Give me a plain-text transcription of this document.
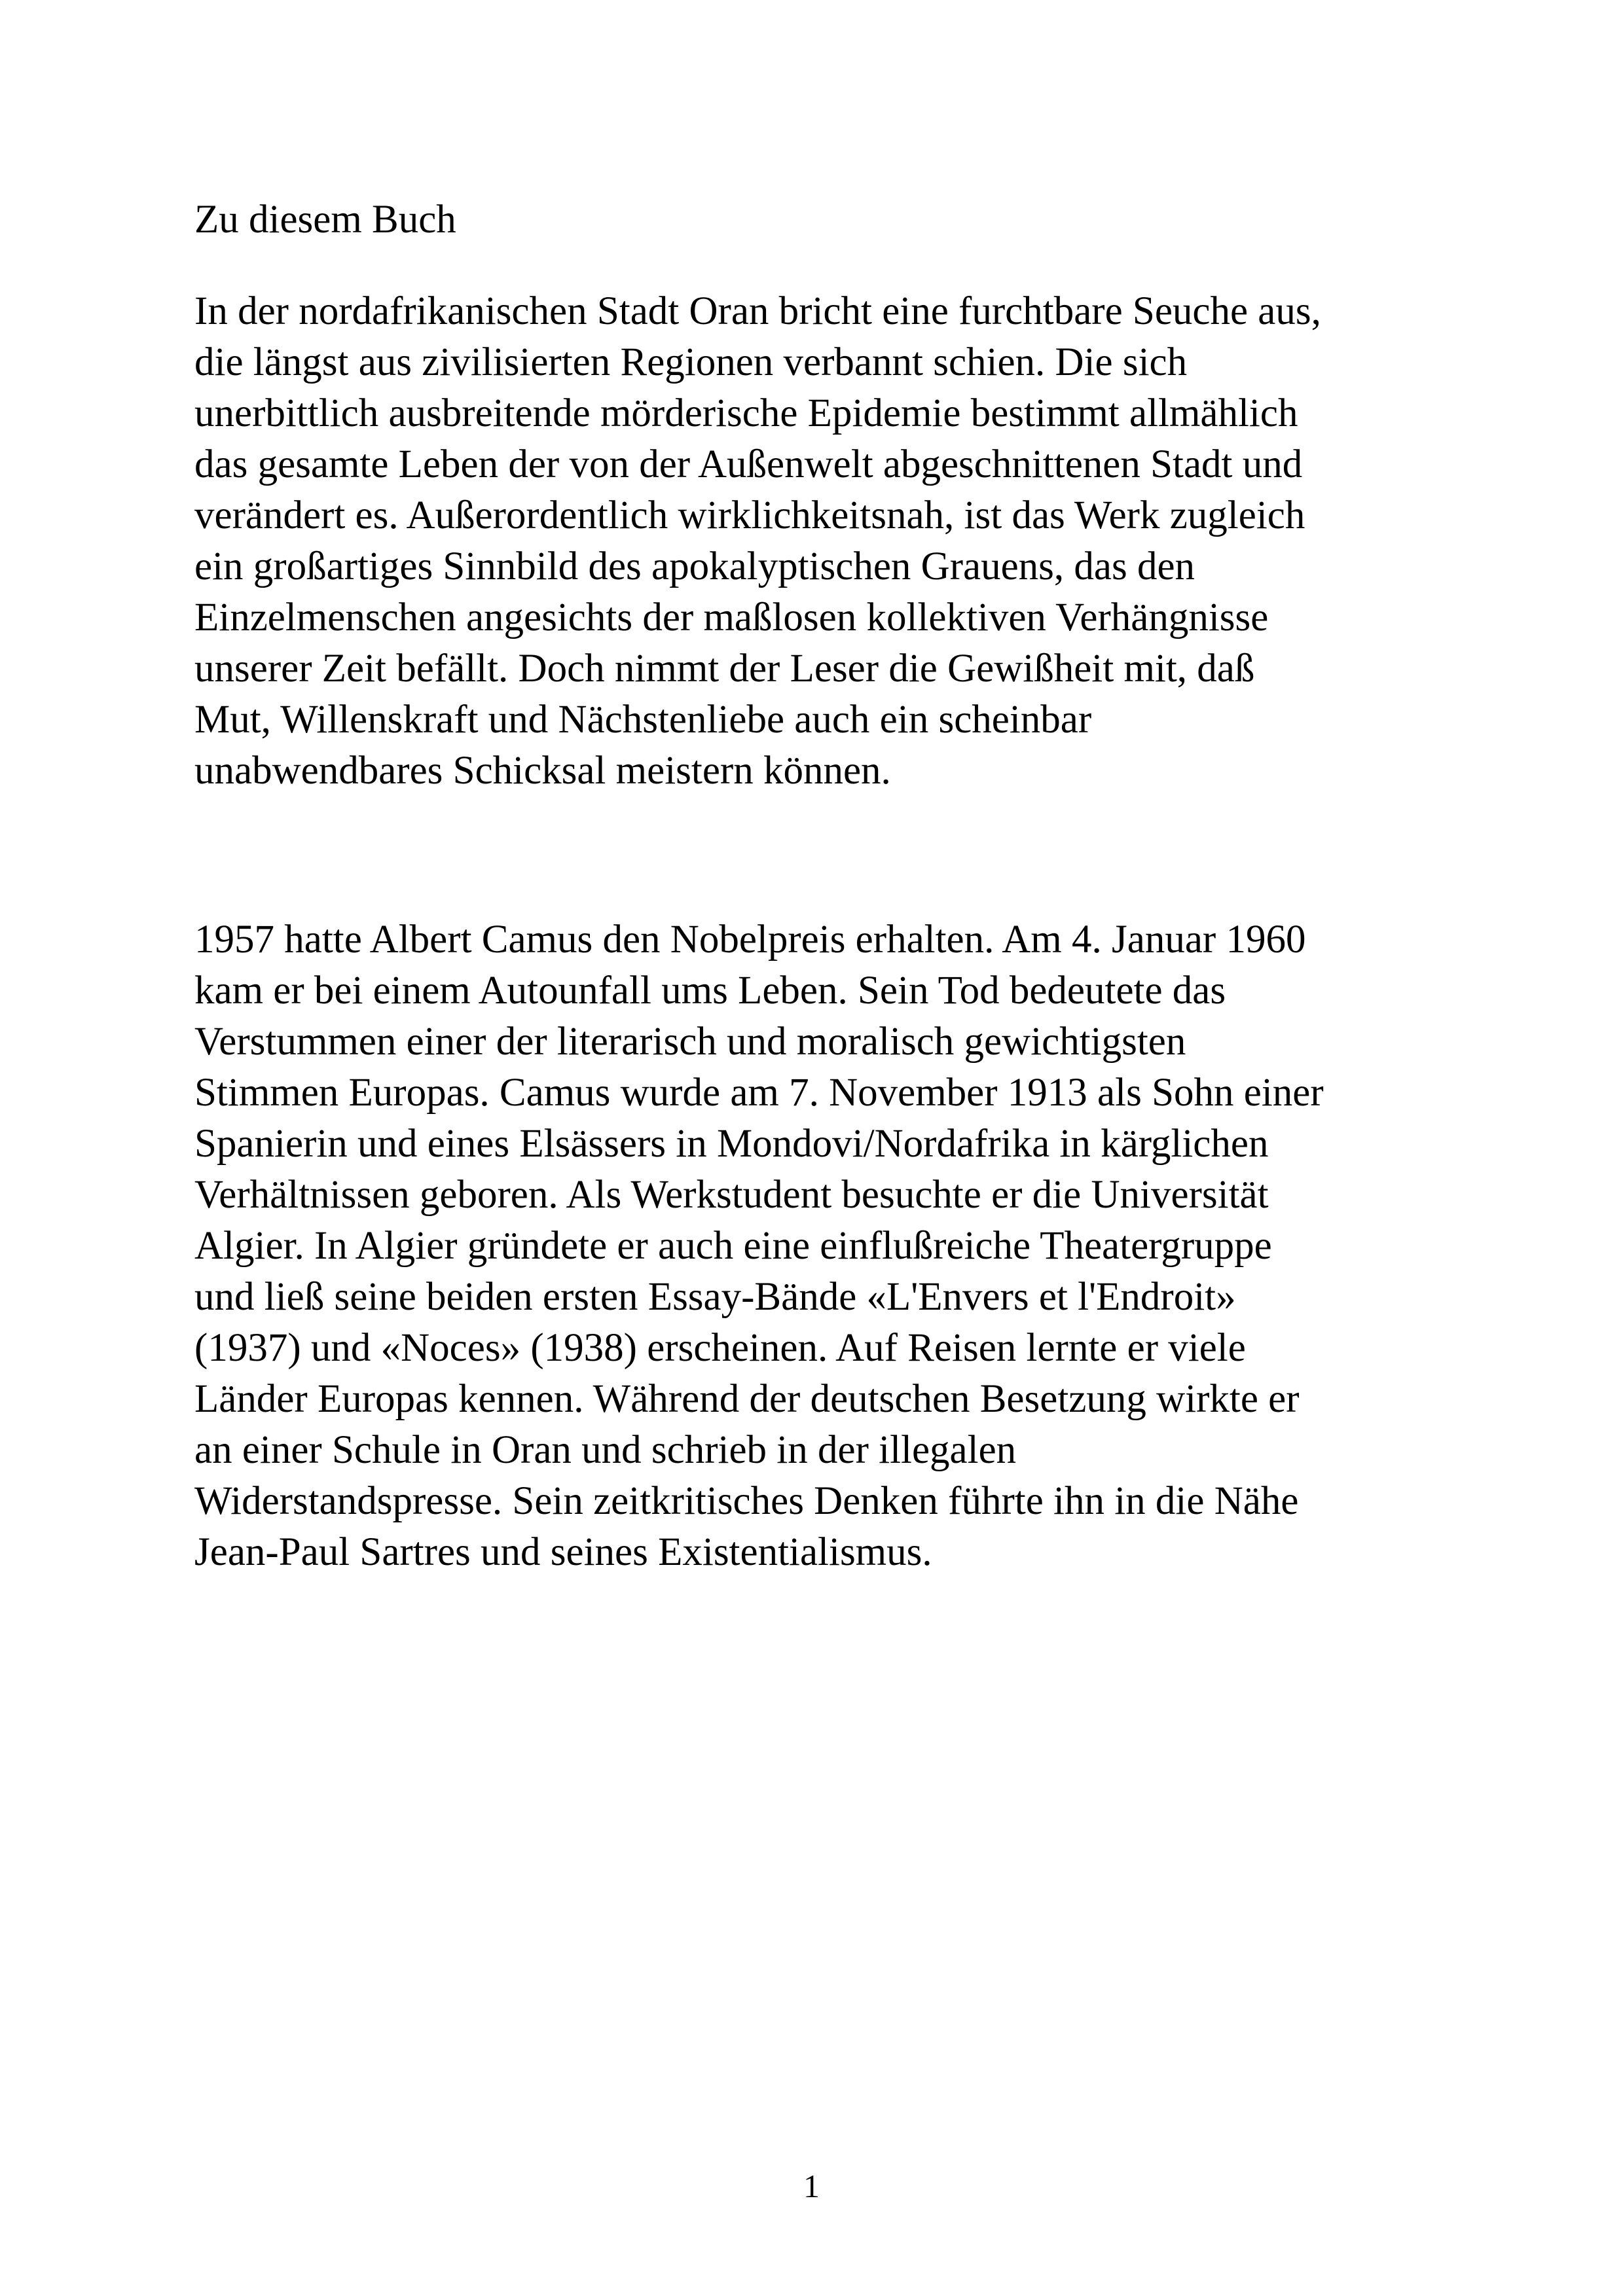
Zu diesem Buch
In der nordafrikanischen Stadt Oran bricht eine furchtbare Seuche aus,
die längst aus zivilisierten Regionen verbannt schien. Die sich
unerbittlich ausbreitende mörderische Epidemie bestimmt allmählich
das gesamte Leben der von der Außenwelt abgeschnittenen Stadt und
verändert es. Außerordentlich wirklichkeitsnah, ist das Werk zugleich
ein großartiges Sinnbild des apokalyptischen Grauens, das den
Einzelmenschen angesichts der maßlosen kollektiven Verhängnisse
unserer Zeit befällt. Doch nimmt der Leser die Gewißheit mit, daß
Mut, Willenskraft und Nächstenliebe auch ein scheinbar
unabwendbares Schicksal meistern können.
1957 hatte Albert Camus den Nobelpreis erhalten. Am 4. Januar 1960
kam er bei einem Autounfall ums Leben. Sein Tod bedeutete das
Verstummen einer der literarisch und moralisch gewichtigsten
Stimmen Europas. Camus wurde am 7. November 1913 als Sohn einer
Spanierin und eines Elsässers in Mondovi/Nordafrika in kärglichen
Verhältnissen geboren. Als Werkstudent besuchte er die Universität
Algier. In Algier gründete er auch eine einflußreiche Theatergruppe
und ließ seine beiden ersten Essay-Bände «L'Envers et l'Endroit»
(1937) und «Noces» (1938) erscheinen. Auf Reisen lernte er viele
Länder Europas kennen. Während der deutschen Besetzung wirkte er
an einer Schule in Oran und schrieb in der illegalen
Widerstandspresse. Sein zeitkritisches Denken führte ihn in die Nähe
Jean-Paul Sartres und seines Existentialismus.
1
